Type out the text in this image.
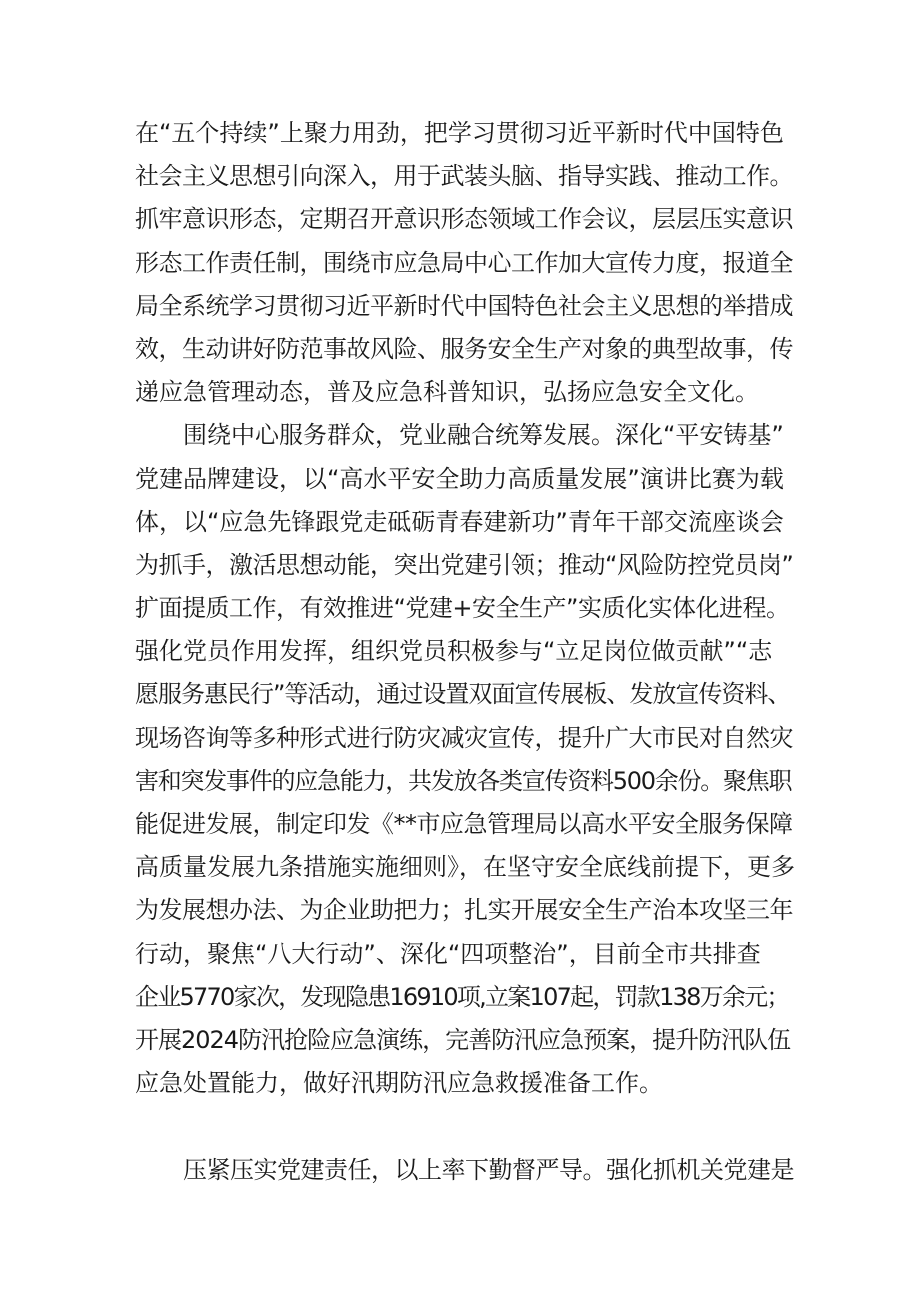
在“五个持续”上聚力用劲，把学习贯彻习近平新时代中国特色
社会主义思想引向深入，用于武装头脑、指导实践、推动工作。
抓牢意识形态，定期召开意识形态领域工作会议，层层压实意识
形态工作责任制，围绕市应急局中心工作加大宣传力度，报道全
局全系统学习贯彻习近平新时代中国特色社会主义思想的举措成
效，生动讲好防范事故风险、服务安全生产对象的典型故事，传
递应急管理动态，普及应急科普知识，弘扬应急安全文化。

围绕中心服务群众，党业融合统筹发展。深化“平安铸基”
党建品牌建设，以“高水平安全助力高质量发展”演讲比赛为载
体，以“应急先锋跟党走砥砺青春建新功”青年干部交流座谈会
为抓手，激活思想动能，突出党建引领；推动“风险防控党员岗”
扩面提质工作，有效推进“党建+安全生产”实质化实体化进程。
强化党员作用发挥，组织党员积极参与“立足岗位做贡献”“志
愿服务惠民行”等活动，通过设置双面宣传展板、发放宣传资料、
现场咨询等多种形式进行防灾减灾宣传，提升广大市民对自然灾
害和突发事件的应急能力，共发放各类宣传资料500余份。聚焦职
能促进发展，制定印发《**市应急管理局以高水平安全服务保障
高质量发展九条措施实施细则》，在坚守安全底线前提下，更多
为发展想办法、为企业助把力；扎实开展安全生产治本攻坚三年
行动，聚焦“八大行动”、深化“四项整治”，目前全市共排查
企业5770家次，发现隐患16910项,立案107起，罚款138万余元；
开展2024防汛抢险应急演练，完善防汛应急预案，提升防汛队伍
应急处置能力，做好汛期防汛应急救援准备工作。

压紧压实党建责任，以上率下勤督严导。强化抓机关党建是
